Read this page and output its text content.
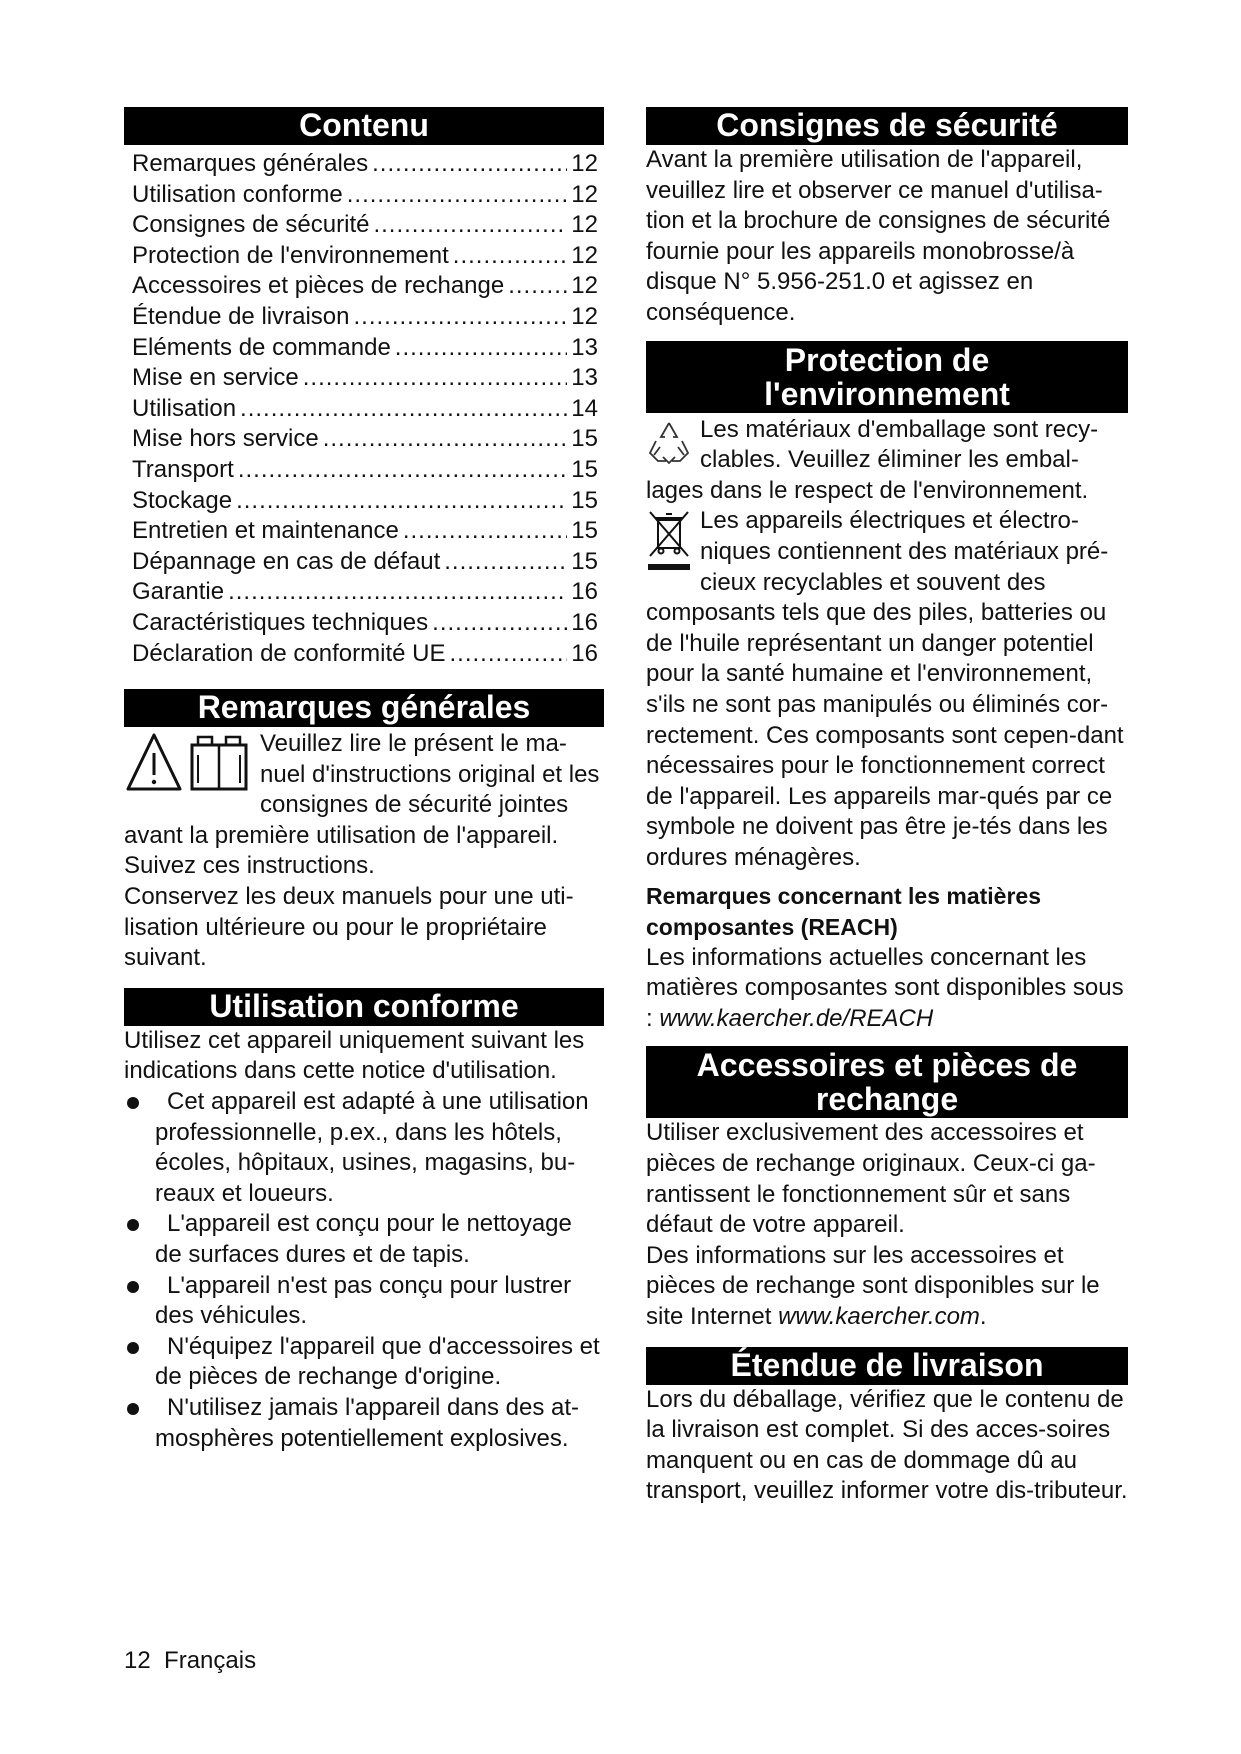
Contenu
Remarques générales .....	12
Utilisation conforme .....	12
Consignes de sécurité .....	12
Protection de l'environnement .....	12
Accessoires et pièces de rechange .....	12
Étendue de livraison .....	12
Eléments de commande .....	13
Mise en service .....	13
Utilisation .....	14
Mise hors service .....	15
Transport .....	15
Stockage .....	15
Entretien et maintenance .....	15
Dépannage en cas de défaut .....	15
Garantie .....	16
Caractéristiques techniques .....	16
Déclaration de conformité UE .....	16
Remarques générales

Veuillez lire le présent le ma-nuel d'instructions original et les consignes de sécurité jointes avant la première utilisation de l'appareil. Suivez ces instructions.

Conservez les deux manuels pour une uti-lisation ultérieure ou pour le propriétaire suivant.

Utilisation conforme

Utilisez cet appareil uniquement suivant les indications dans cette notice d'utilisation.

Cet appareil est adapté à une utilisation professionnelle, p.ex., dans les hôtels, écoles, hôpitaux, usines, magasins, bu-reaux et loueurs.
L'appareil est conçu pour le nettoyage de surfaces dures et de tapis.
L'appareil n'est pas conçu pour lustrer des véhicules.
N'équipez l'appareil que d'accessoires et de pièces de rechange d'origine.
N'utilisez jamais l'appareil dans des at-mosphères potentiellement explosives.
Consignes de sécurité

Avant la première utilisation de l'appareil, veuillez lire et observer ce manuel d'utilisa-tion et la brochure de consignes de sécurité fournie pour les appareils monobrosse/à disque N° 5.956-251.0 et agissez en conséquence.

Protection de
l'environnement

Les matériaux d'emballage sont recy-clables. Veuillez éliminer les embal-lages dans le respect de l'environnement.

Les appareils électriques et électro-niques contiennent des matériaux pré-cieux recyclables et souvent des composants tels que des piles, batteries ou de l'huile représentant un danger potentiel pour la santé humaine et l'environnement, s'ils ne sont pas manipulés ou éliminés cor-rectement. Ces composants sont cepen-dant nécessaires pour le fonctionnement correct de l'appareil. Les appareils mar-qués par ce symbole ne doivent pas être je-tés dans les ordures ménagères.

Remarques concernant les matières composantes (REACH)

Les informations actuelles concernant les matières composantes sont disponibles sous : www.kaercher.de/REACH

Accessoires et pièces de
rechange

Utiliser exclusivement des accessoires et pièces de rechange originaux. Ceux-ci ga-rantissent le fonctionnement sûr et sans défaut de votre appareil.

Des informations sur les accessoires et pièces de rechange sont disponibles sur le site Internet www.kaercher.com.

Étendue de livraison

Lors du déballage, vérifiez que le contenu de la livraison est complet. Si des acces-soires manquent ou en cas de dommage dû au transport, veuillez informer votre dis-tributeur.

12 Français
